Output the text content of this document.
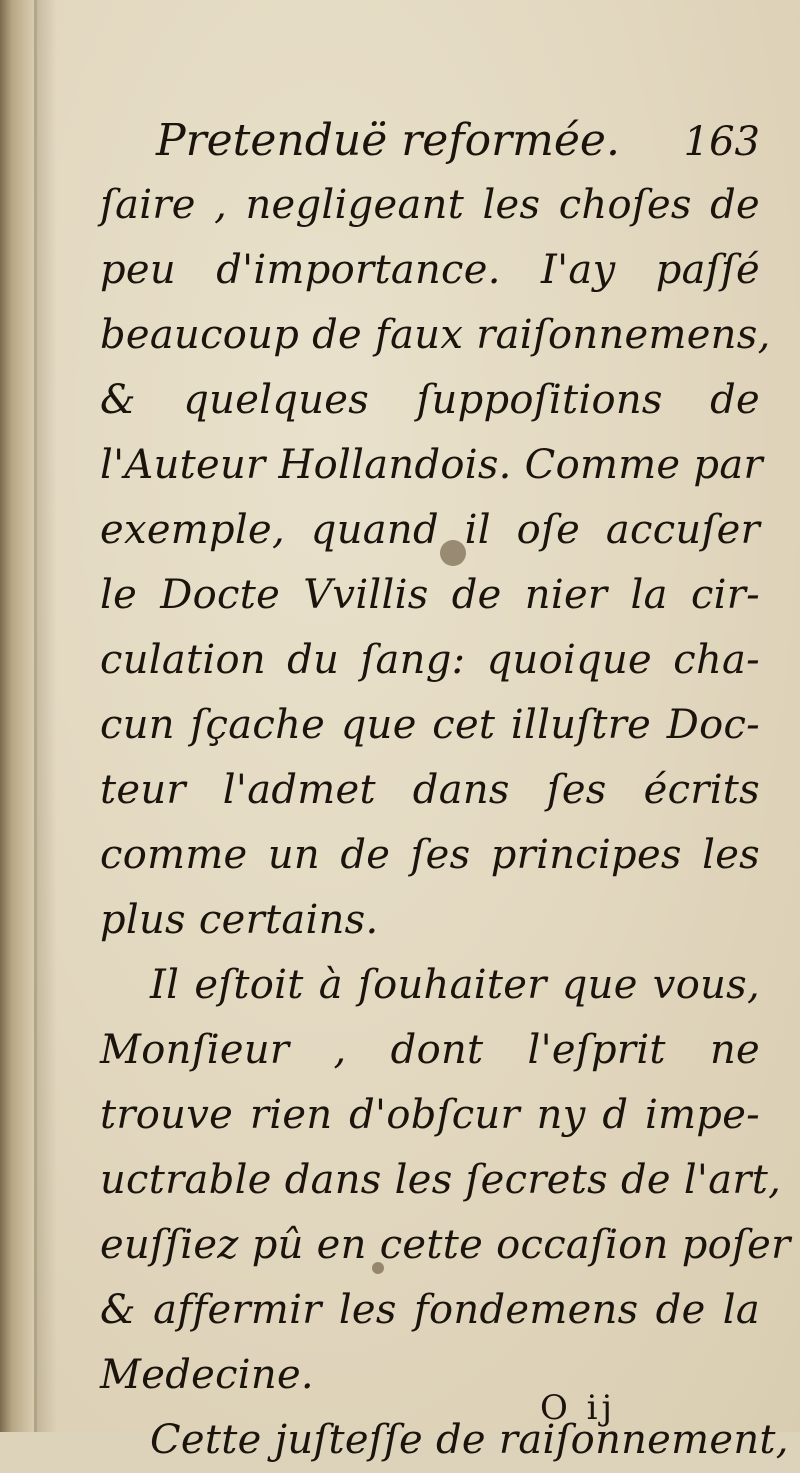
Pretenduë reformée. 163
ſaire , negligeant les choſes de
peu d'importance. I'ay paſſé
beaucoup de faux raiſonnemens,
& quelques ſuppoſitions de
l'Auteur Hollandois. Comme par
exemple, quand il oſe accuſer
le Docte Vvillis de nier la cir-
culation du ſang: quoique cha-
cun ſçache que cet illuſtre Doc-
teur l'admet dans ſes écrits
comme un de ſes principes les
plus certains.
Il eſtoit à ſouhaiter que vous,
Monſieur , dont l'eſprit ne
trouve rien d'obſcur ny d impe-
uctrable dans les ſecrets de l'art,
euſſiez pû en cette occaſion poſer
& affermir les fondemens de la
Medecine.
Cette juſteſſe de raiſonnement,
O ij
